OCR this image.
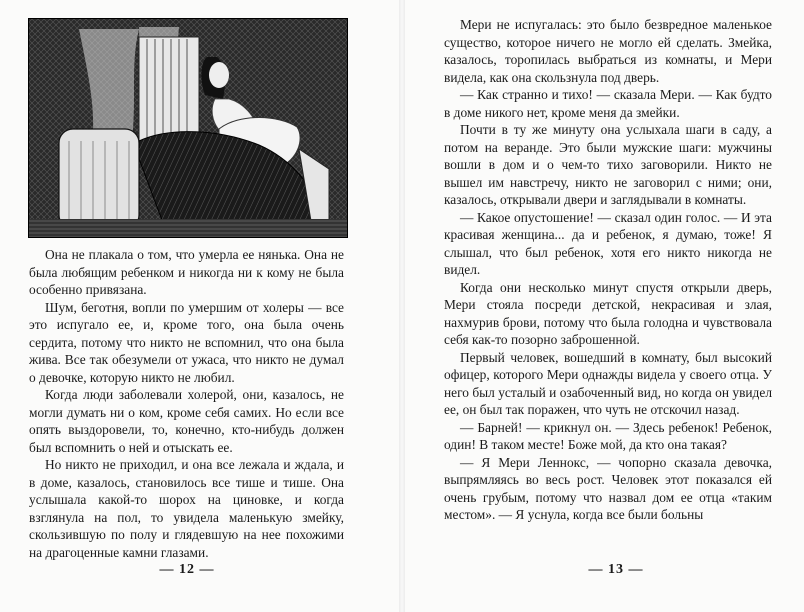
Она не плакала о том, что умерла ее нянька. Она не была любящим ребенком и никогда ни к кому не была особенно привязана.

Шум, беготня, вопли по умершим от холеры — все это испугало ее, и, кроме того, она была очень сердита, потому что никто не вспомнил, что она была жива. Все так обезумели от ужаса, что никто не думал о девочке, которую никто не любил.

Когда люди заболевали холерой, они, казалось, не могли думать ни о ком, кроме себя самих. Но если все опять выздоровели, то, конечно, кто-нибудь должен был вспомнить о ней и отыскать ее.

Но никто не приходил, и она все лежала и ждала, и в доме, казалось, становилось все тише и тише. Она услышала какой-то шорох на циновке, и когда взглянула на пол, то увидела маленькую змейку, скользившую по полу и глядевшую на нее похожими на драгоценные камни глазами.

— 12 —

Мери не испугалась: это было безвредное маленькое существо, которое ничего не могло ей сделать. Змейка, казалось, торопилась выбраться из комнаты, и Мери видела, как она скользнула под дверь.

— Как странно и тихо! — сказала Мери. — Как будто в доме никого нет, кроме меня да змейки.

Почти в ту же минуту она услыхала шаги в саду, а потом на веранде. Это были мужские шаги: мужчины вошли в дом и о чем-то тихо заговорили. Никто не вышел им навстречу, никто не заговорил с ними; они, казалось, открывали двери и заглядывали в комнаты.

— Какое опустошение! — сказал один голос. — И эта красивая женщина... да и ребенок, я думаю, тоже! Я слышал, что был ребенок, хотя его никто никогда не видел.

Когда они несколько минут спустя открыли дверь, Мери стояла посреди детской, некрасивая и злая, нахмурив брови, потому что была голодна и чувствовала себя как-то позорно заброшенной.

Первый человек, вошедший в комнату, был высокий офицер, которого Мери однажды видела у своего отца. У него был усталый и озабоченный вид, но когда он увидел ее, он был так поражен, что чуть не отскочил назад.

— Барней! — крикнул он. — Здесь ребенок! Ребенок, один! В таком месте! Боже мой, да кто она такая?

— Я Мери Леннокс, — чопорно сказала девочка, выпрямляясь во весь рост. Человек этот показался ей очень грубым, потому что назвал дом ее отца «таким местом». — Я уснула, когда все были больны

— 13 —
